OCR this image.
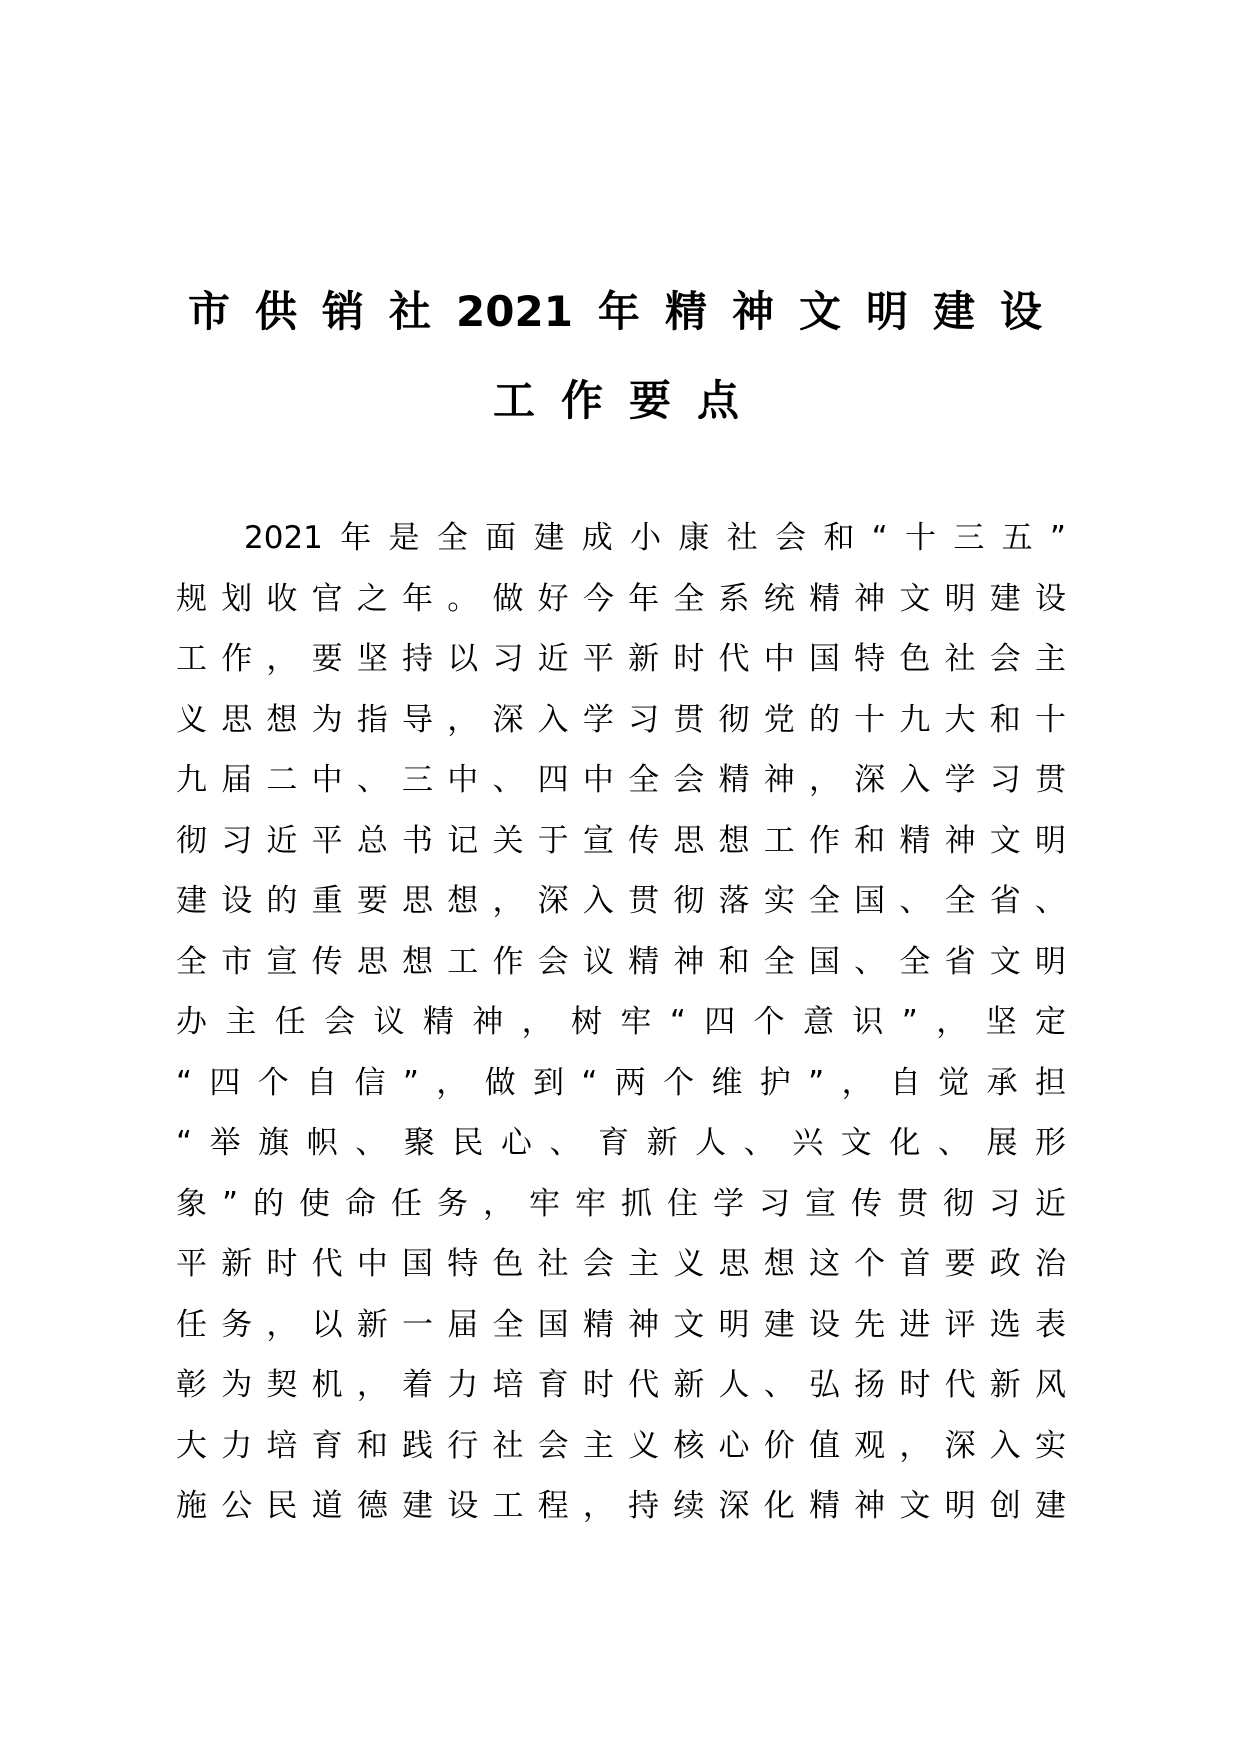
市供销社2021年精神文明建设
工作要点
2021年是全面建成小康社会和“十三五”
规划收官之年。做好今年全系统精神文明建设
工作，要坚持以习近平新时代中国特色社会主
义思想为指导，深入学习贯彻党的十九大和十
九届二中、三中、四中全会精神，深入学习贯
彻习近平总书记关于宣传思想工作和精神文明
建设的重要思想，深入贯彻落实全国、全省、
全市宣传思想工作会议精神和全国、全省文明
办主任会议精神，树牢“四个意识”，坚定
“四个自信”，做到“两个维护”，自觉承担
“举旗帜、聚民心、育新人、兴文化、展形
象”的使命任务，牢牢抓住学习宣传贯彻习近
平新时代中国特色社会主义思想这个首要政治
任务，以新一届全国精神文明建设先进评选表
彰为契机，着力培育时代新人、弘扬时代新风
大力培育和践行社会主义核心价值观，深入实
施公民道德建设工程，持续深化精神文明创建
